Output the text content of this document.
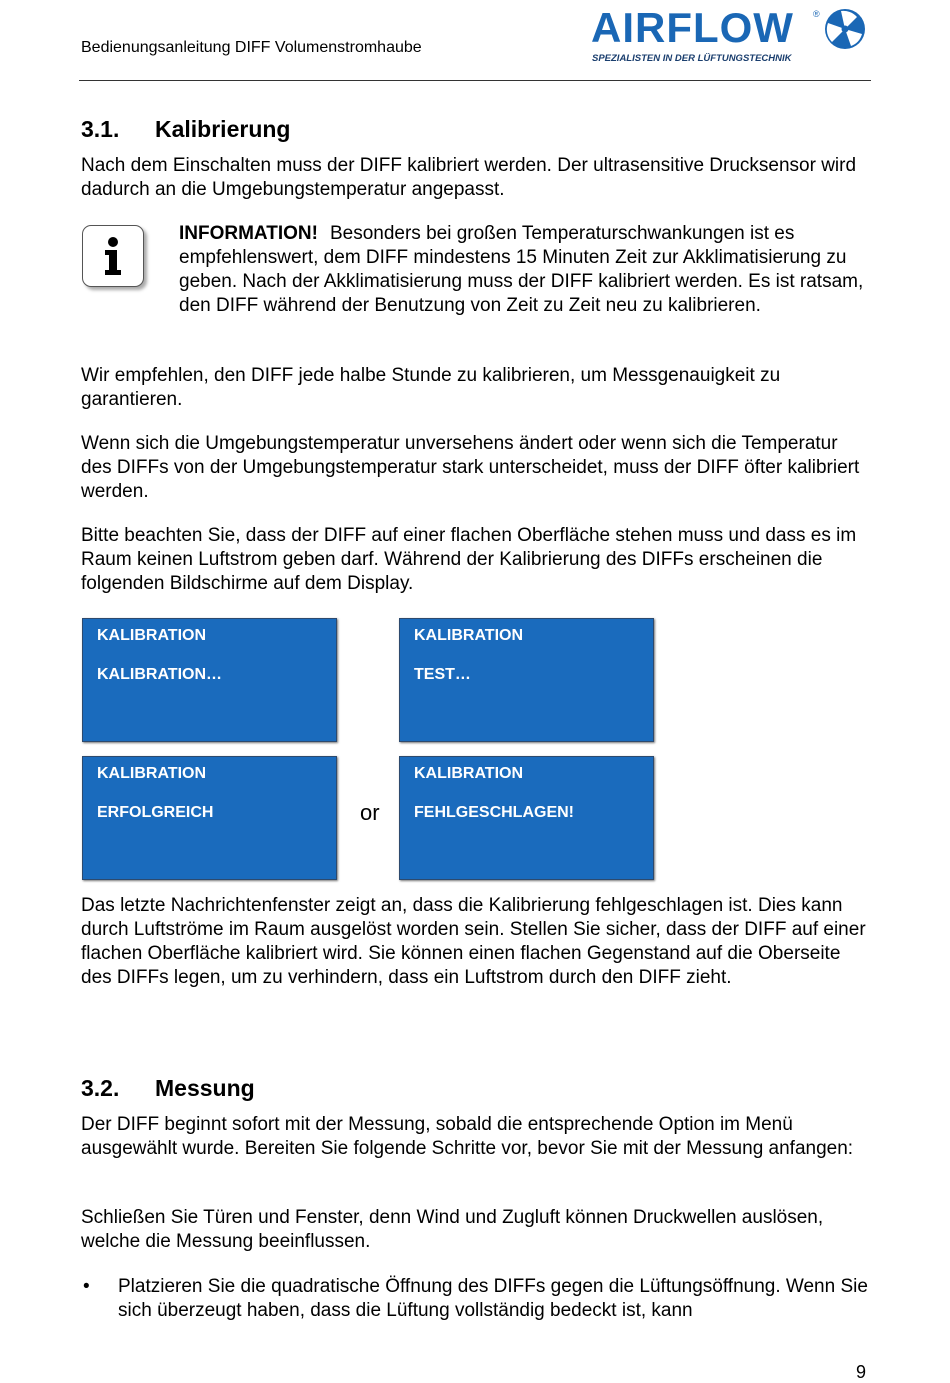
Bedienungsanleitung DIFF Volumenstromhaube	AIRFLOW ®
SPEZIALISTEN IN DER LÜFTUNGSTECHNIK
3.1. Kalibrierung

Nach dem Einschalten muss der DIFF kalibriert werden. Der ultrasensitive Drucksensor wird dadurch an die Umgebungstemperatur angepasst.

INFORMATION! Besonders bei großen Temperaturschwankungen ist es empfehlenswert, dem DIFF mindestens 15 Minuten Zeit zur Akklimatisierung zu geben. Nach der Akklimatisierung muss der DIFF kalibriert werden. Es ist ratsam, den DIFF während der Benutzung von Zeit zu Zeit neu zu kalibrieren.

Wir empfehlen, den DIFF jede halbe Stunde zu kalibrieren, um Messgenauigkeit zu garantieren.

Wenn sich die Umgebungstemperatur unversehens ändert oder wenn sich die Temperatur des DIFFs von der Umgebungstemperatur stark unterscheidet, muss der DIFF öfter kalibriert werden.

Bitte beachten Sie, dass der DIFF auf einer flachen Oberfläche stehen muss und dass es im Raum keinen Luftstrom geben darf. Während der Kalibrierung des DIFFs erscheinen die folgenden Bildschirme auf dem Display.

KALIBRATION
KALIBRATION…
KALIBRATION
TEST…
KALIBRATION
ERFOLGREICH	or
KALIBRATION
FEHLGESCHLAGEN!

Das letzte Nachrichtenfenster zeigt an, dass die Kalibrierung fehlgeschlagen ist. Dies kann durch Luftströme im Raum ausgelöst worden sein. Stellen Sie sicher, dass der DIFF auf einer flachen Oberfläche kalibriert wird. Sie können einen flachen Gegenstand auf die Oberseite des DIFFs legen, um zu verhindern, dass ein Luftstrom durch den DIFF zieht.

3.2. Messung

Der DIFF beginnt sofort mit der Messung, sobald die entsprechende Option im Menü ausgewählt wurde. Bereiten Sie folgende Schritte vor, bevor Sie mit der Messung anfangen:

Schließen Sie Türen und Fenster, denn Wind und Zugluft können Druckwellen auslösen, welche die Messung beeinflussen.

• Platzieren Sie die quadratische Öffnung des DIFFs gegen die Lüftungsöffnung. Wenn Sie sich überzeugt haben, dass die Lüftung vollständig bedeckt ist, kann

9
